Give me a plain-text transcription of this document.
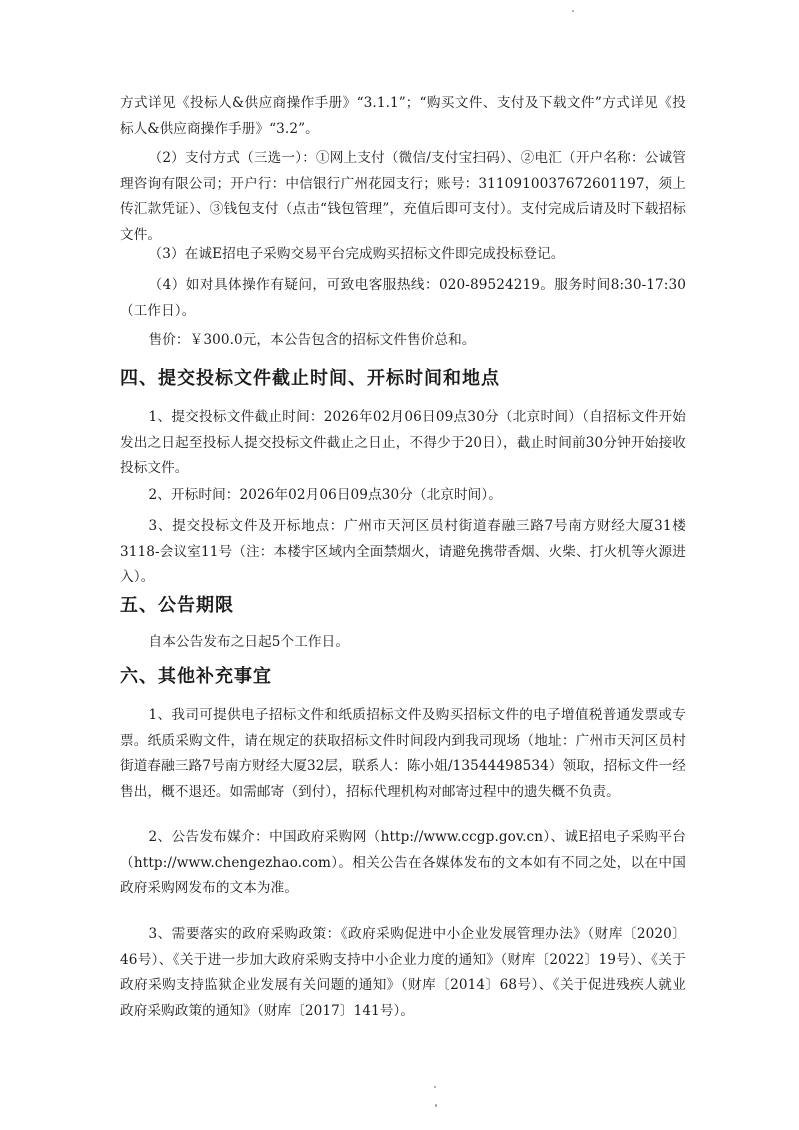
方式详见《投标人&供应商操作手册》“3.1.1”；“购买文件、支付及下载文件”方式详见《投标人&供应商操作手册》“3.2”。

（2）支付方式（三选一）：①网上支付（微信/支付宝扫码）、②电汇（开户名称：公诚管理咨询有限公司；开户行：中信银行广州花园支行；账号：3110910037672601197，须上传汇款凭证）、③钱包支付（点击“钱包管理”，充值后即可支付）。支付完成后请及时下载招标文件。

（3）在诚E招电子采购交易平台完成购买招标文件即完成投标登记。

（4）如对具体操作有疑问，可致电客服热线：020-89524219。服务时间8:30-17:30（工作日）。

售价：￥300.0元，本公告包含的招标文件售价总和。

四、提交投标文件截止时间、开标时间和地点

1、提交投标文件截止时间：2026年02月06日09点30分（北京时间）（自招标文件开始发出之日起至投标人提交投标文件截止之日止，不得少于20日），截止时间前30分钟开始接收投标文件。

2、开标时间：2026年02月06日09点30分（北京时间）。

3、提交投标文件及开标地点：广州市天河区员村街道春融三路7号南方财经大厦31楼3118-会议室11号（注：本楼宇区域内全面禁烟火，请避免携带香烟、火柴、打火机等火源进入）。

五、公告期限

自本公告发布之日起5个工作日。

六、其他补充事宜

1、我司可提供电子招标文件和纸质招标文件及购买招标文件的电子增值税普通发票或专票。纸质采购文件，请在规定的获取招标文件时间段内到我司现场（地址：广州市天河区员村街道春融三路7号南方财经大厦32层，联系人：陈小姐/13544498534）领取，招标文件一经售出，概不退还。如需邮寄（到付），招标代理机构对邮寄过程中的遗失概不负责。

2、公告发布媒介：中国政府采购网（http://www.ccgp.gov.cn）、诚E招电子采购平台（http://www.chengezhao.com）。相关公告在各媒体发布的文本如有不同之处，以在中国政府采购网发布的文本为准。

3、需要落实的政府采购政策：《政府采购促进中小企业发展管理办法》（财库〔2020〕46号）、《关于进一步加大政府采购支持中小企业力度的通知》（财库〔2022〕19号）、《关于政府采购支持监狱企业发展有关问题的通知》（财库〔2014〕68号）、《关于促进残疾人就业政府采购政策的通知》（财库〔2017〕141号）。
